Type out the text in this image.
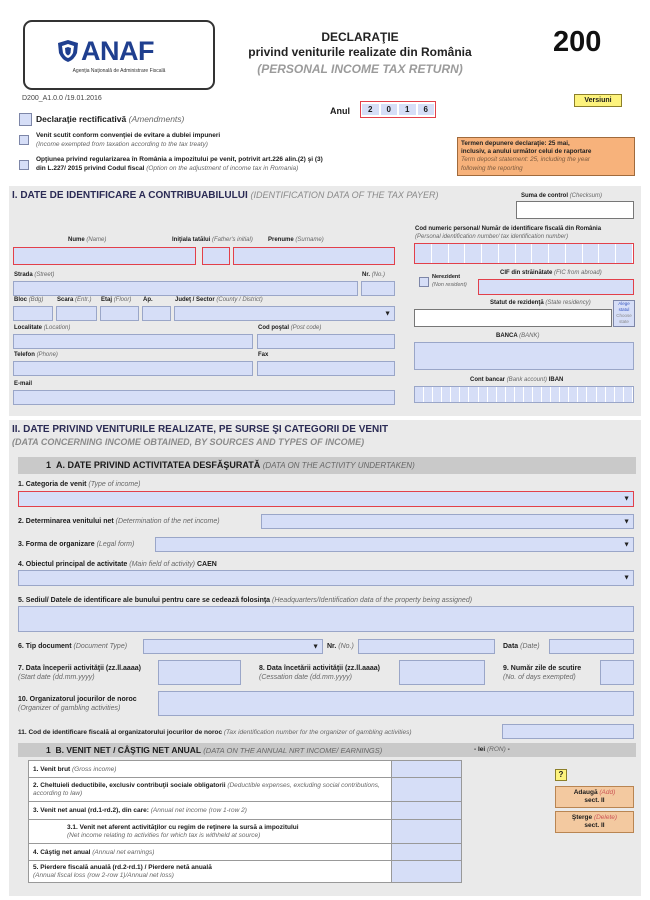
ANAF
Agenţia Naţională de Administrare Fiscală
DECLARAŢIE
privind veniturile realizate din România
(PERSONAL INCOME TAX RETURN)
200
D200_A1.0.0 /19.01.2016	Versiuni
Anul	2	0	1	6
Declaraţie rectificativă (Amendments)
Venit scutit conform convenţiei de evitare a dublei impuneri
(Income exempted from taxation according to the tax treaty)
Opţiunea privind regularizarea în România a impozitului pe venit, potrivit art.226 alin.(2) şi (3)
din L.227/ 2015 privind Codul fiscal (Option on the adjustment of income tax in Romania)
Termen depunere declaraţie: 25 mai,
inclusiv, a anului următor celui de raportare
Term deposit statement: 25, including the year
following the reporting
I. DATE DE IDENTIFICARE A CONTRIBUABILULUI (IDENTIFICATION DATA OF THE TAX PAYER)	Suma de control (Checksum)
Cod numeric personal/ Număr de identificare fiscală din România
(Personal identification number/ tax identification number)
Nume (Name)	Iniţiala tatălui (Father's initial)	Prenume (Surname)
Nerezident
(Non resident)
CIF din străinătate (FIC from abroad)
Strada (Street)	Nr. (No.)
Bloc (Bdg) Scara (Entr.) Etaj (Floor) Ap.	Judeţ / Sector (County / District)
▼	Statut de rezidenţă (State residency)	Alege
statul
Choose
state
Localitate (Location)	Cod poştal (Post code)
BANCA (BANK)
Telefon (Phone)	Fax
E-mail
Cont bancar (Bank account) IBAN
II. DATE PRIVIND VENITURILE REALIZATE, PE SURSE ŞI CATEGORII DE VENIT
(DATA CONCERNING INCOME OBTAINED, BY SOURCES AND TYPES OF INCOME)
1 A. DATE PRIVIND ACTIVITATEA DESFĂŞURATĂ (DATA ON THE ACTIVITY UNDERTAKEN)
1. Categoria de venit (Type of income)
▼
2. Determinarea venitului net (Determination of the net income)
▼
3. Forma de organizare (Legal form)
▼
4. Obiectul principal de activitate (Main field of activity) CAEN
▼
5. Sediul/ Datele de identificare ale bunului pentru care se cedează folosinţa (Headquarters/Identification data of the property being assigned)
6. Tip document (Document Type)
▼	Nr. (No.)	Data (Date)
7. Data începerii activităţii (zz.ll.aaaa)
(Start date (dd.mm.yyyy)
8. Data încetării activităţii (zz.ll.aaaa)
(Cessation date (dd.mm.yyyy)
9. Număr zile de scutire
(No. of days exempted)
10. Organizatorul jocurilor de noroc
(Organizer of gambling activities)
11. Cod de identificare fiscală al organizatorului jocurilor de noroc (Tax identification number for the organizer of gambling activities)
1 B. VENIT NET / CÂŞTIG NET ANUAL (DATA ON THE ANNUAL NRT INCOME/ EARNINGS)	- lei (RON) -
1. Venit brut (Gross income)	
2. Cheltuieli deductibile, exclusiv contribuţii sociale obligatorii (Deductible expenses, excluding social contributions, according to law)	
3. Venit net anual (rd.1-rd.2), din care: (Annual net income (row 1-row 2)	
3.1. Venit net aferent activităţilor cu regim de reţinere la sursă a impozitului
(Net income relating to activities for which tax is withheld at source)	
4. Câştig net anual (Annual net earnings)	
5. Pierdere fiscală anuală (rd.2-rd.1) / Pierdere netă anuală
(Annual fiscal loss (row 2-row 1)/Annual net loss)	
?
Adaugă (Add)
sect. II
Şterge (Delete)
sect. II
